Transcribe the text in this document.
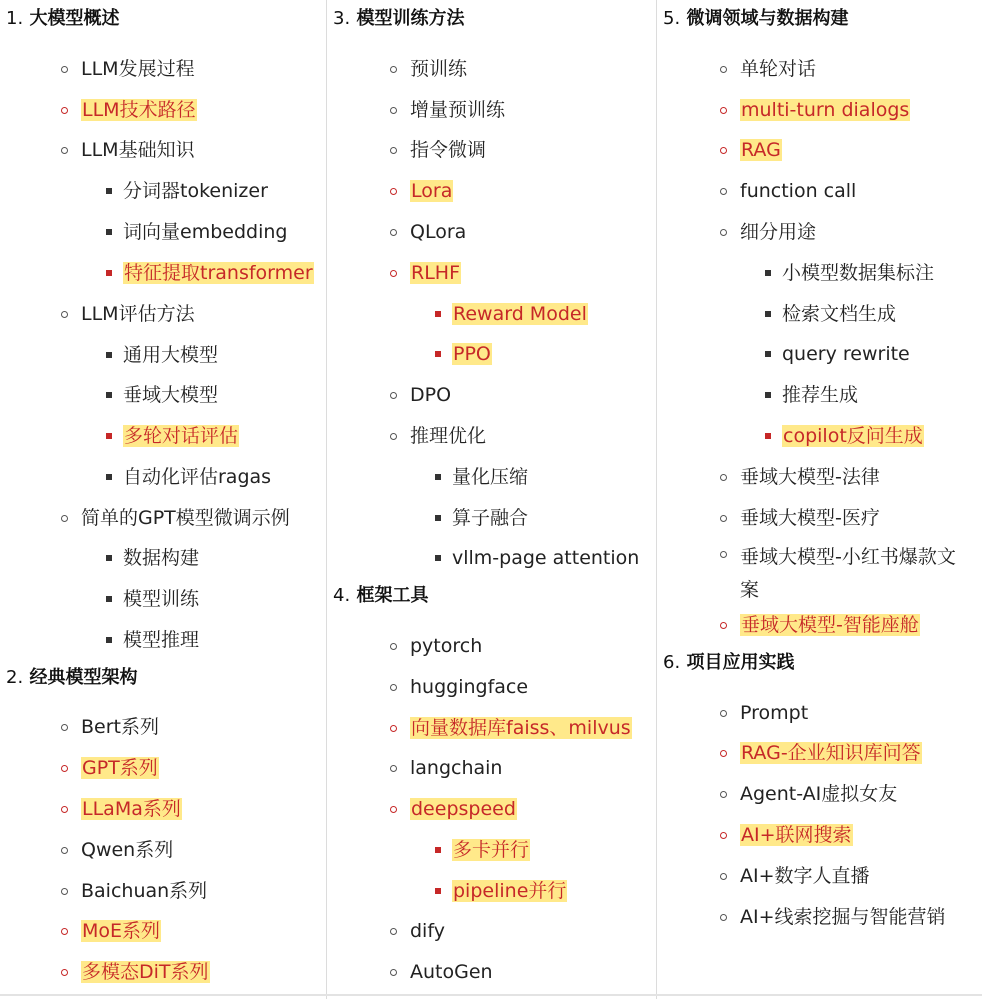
1. 大模型概述
LLM发展过程
LLM技术路径
LLM基础知识
分词器tokenizer
词向量embedding
特征提取transformer
LLM评估方法
通用大模型
垂域大模型
多轮对话评估
自动化评估ragas
简单的GPT模型微调示例
数据构建
模型训练
模型推理
2. 经典模型架构
Bert系列
GPT系列
LLaMa系列
Qwen系列
Baichuan系列
MoE系列
多模态DiT系列
3. 模型训练方法
预训练
增量预训练
指令微调
Lora
QLora
RLHF
Reward Model
PPO
DPO
推理优化
量化压缩
算子融合
vllm-page attention
4. 框架工具
pytorch
huggingface
向量数据库faiss、milvus
langchain
deepspeed
多卡并行
pipeline并行
dify
AutoGen
5. 微调领域与数据构建
单轮对话
multi-turn dialogs
RAG
function call
细分用途
小模型数据集标注
检索文档生成
query rewrite
推荐生成
copilot反问生成
垂域大模型-法律
垂域大模型-医疗
垂域大模型-小红书爆款文案
垂域大模型-智能座舱
6. 项目应用实践
Prompt
RAG-企业知识库问答
Agent-AI虚拟女友
AI+联网搜索
AI+数字人直播
AI+线索挖掘与智能营销
